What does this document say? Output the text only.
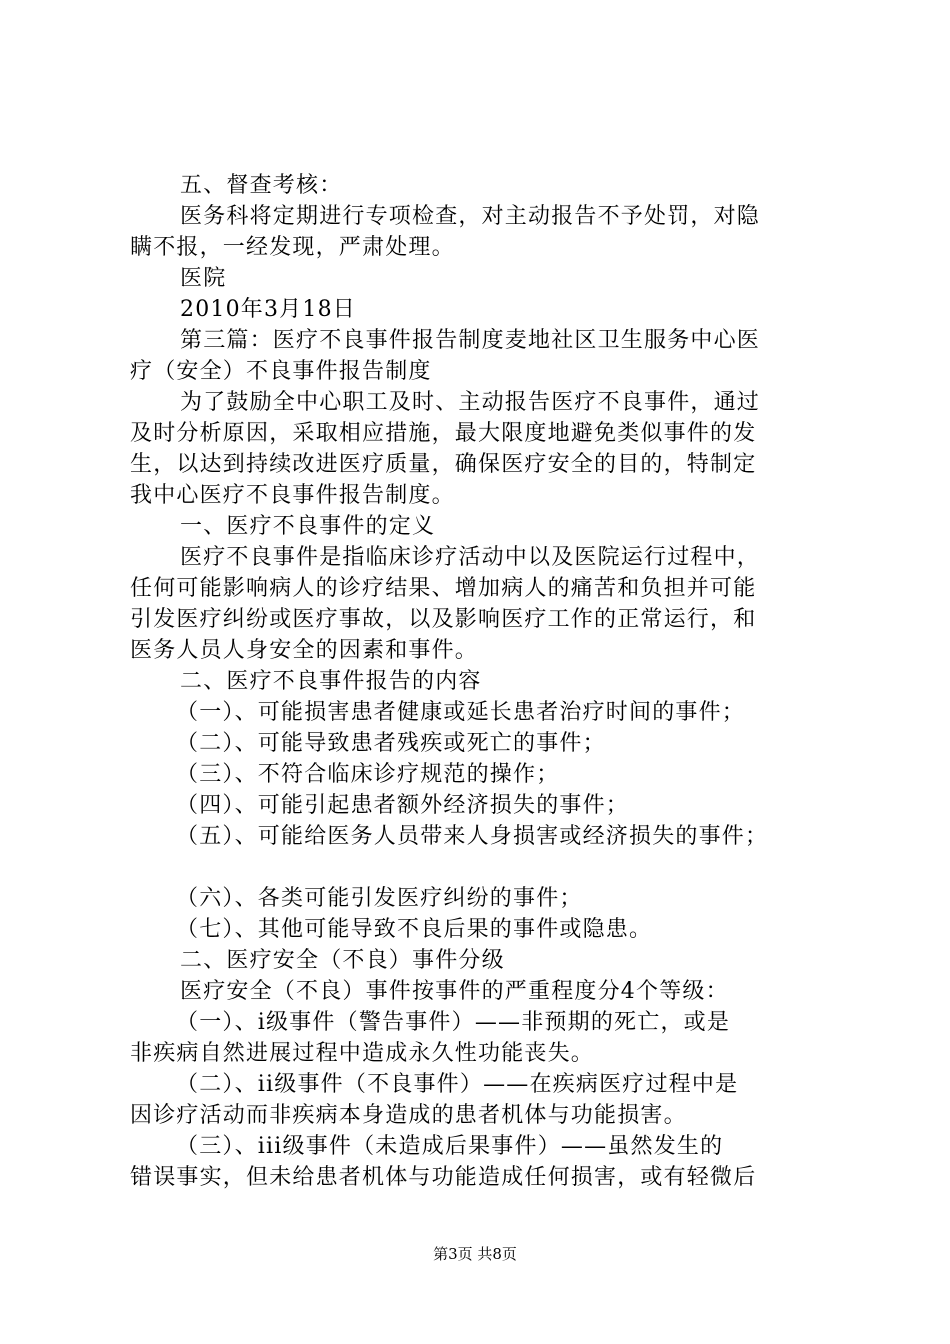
五、督查考核：
医务科将定期进行专项检查，对主动报告不予处罚，对隐
瞒不报，一经发现，严肃处理。
医院
2010年3月18日
第三篇：医疗不良事件报告制度麦地社区卫生服务中心医
疗（安全）不良事件报告制度
为了鼓励全中心职工及时、主动报告医疗不良事件，通过
及时分析原因，采取相应措施，最大限度地避免类似事件的发
生，以达到持续改进医疗质量，确保医疗安全的目的，特制定
我中心医疗不良事件报告制度。
一、医疗不良事件的定义
医疗不良事件是指临床诊疗活动中以及医院运行过程中，
任何可能影响病人的诊疗结果、增加病人的痛苦和负担并可能
引发医疗纠纷或医疗事故，以及影响医疗工作的正常运行，和
医务人员人身安全的因素和事件。
二、医疗不良事件报告的内容
（一）、可能损害患者健康或延长患者治疗时间的事件；
（二）、可能导致患者残疾或死亡的事件；
（三）、不符合临床诊疗规范的操作；
（四）、可能引起患者额外经济损失的事件；
（五）、可能给医务人员带来人身损害或经济损失的事件；
（六）、各类可能引发医疗纠纷的事件；
（七）、其他可能导致不良后果的事件或隐患。
二、医疗安全（不良）事件分级
医疗安全（不良）事件按事件的严重程度分4个等级：
（一）、i级事件（警告事件）——非预期的死亡，或是
非疾病自然进展过程中造成永久性功能丧失。
（二）、ii级事件（不良事件）——在疾病医疗过程中是
因诊疗活动而非疾病本身造成的患者机体与功能损害。
（三）、iii级事件（未造成后果事件）——虽然发生的
错误事实，但未给患者机体与功能造成任何损害，或有轻微后
第3页 共8页
